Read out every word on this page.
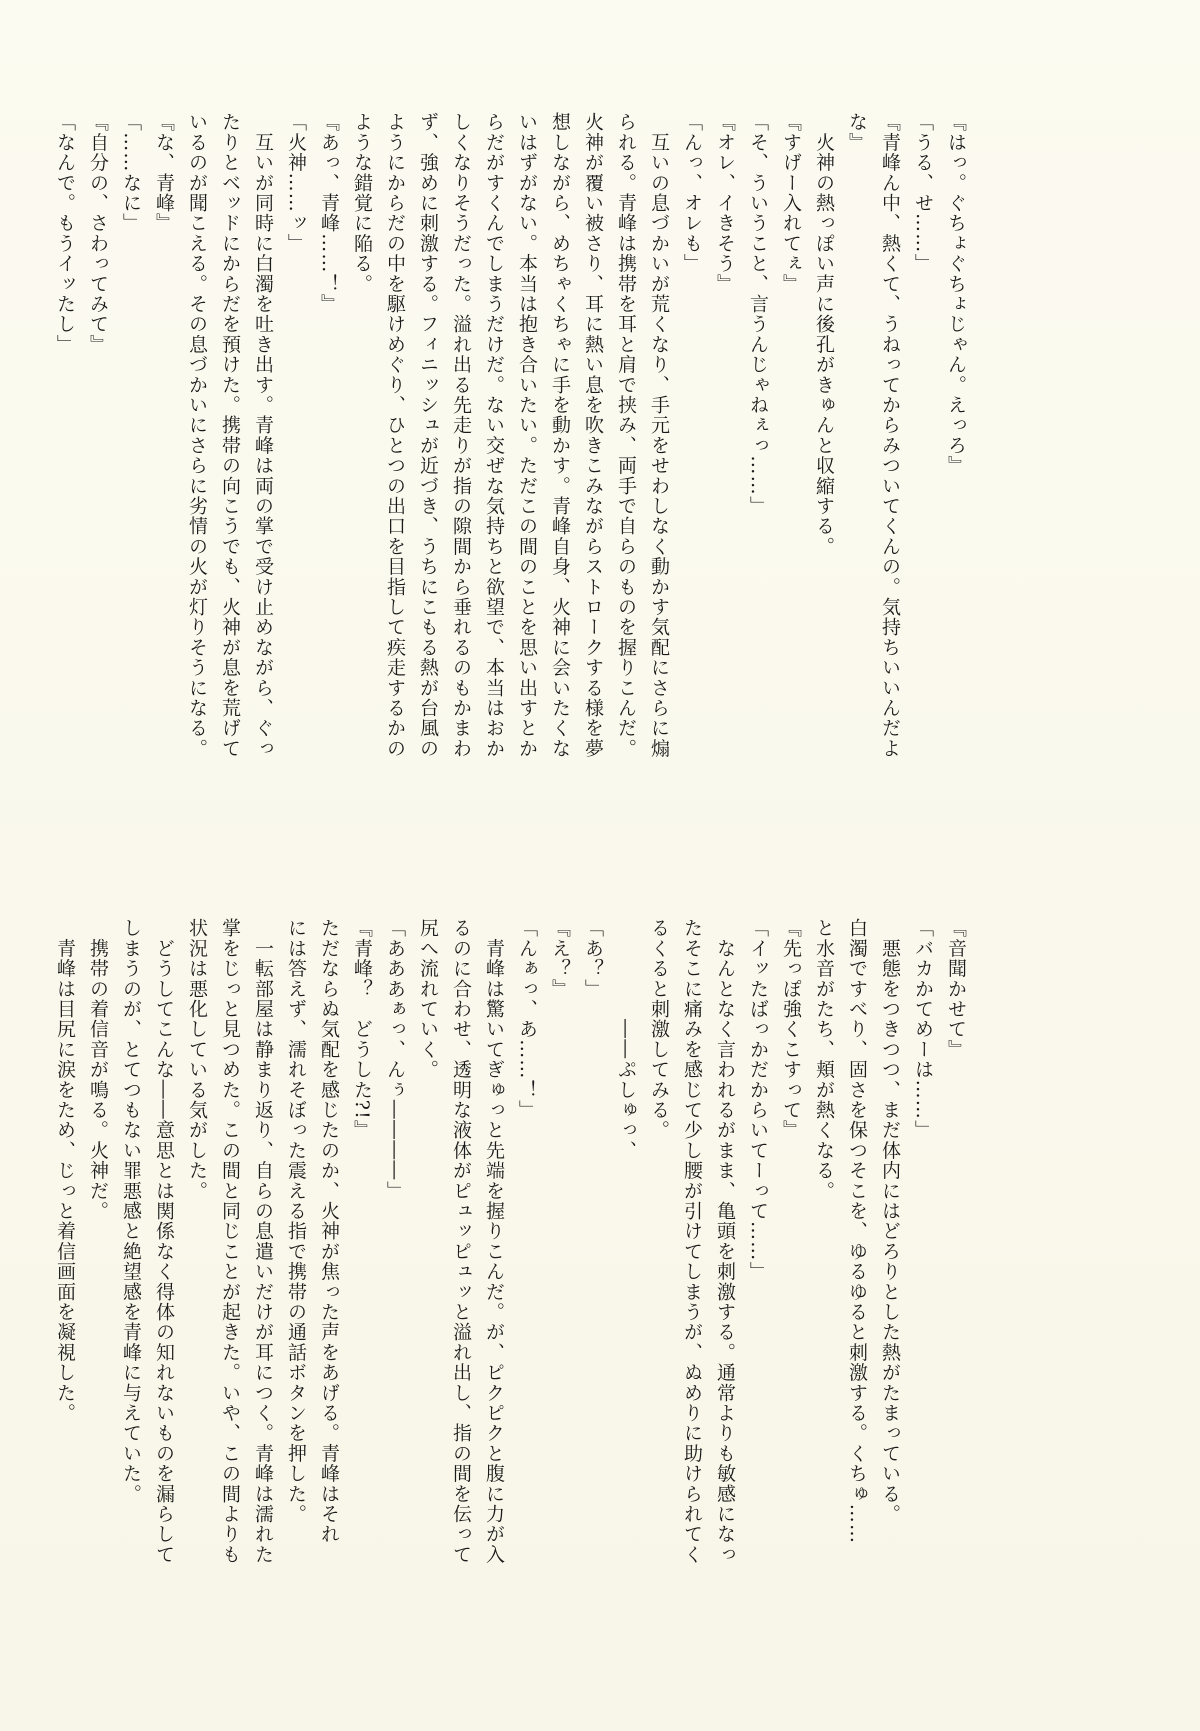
『はっ。ぐちょぐちょじゃん。えっろ』
「うる、せ……」
『青峰ん中、熱くて、うねってからみついてくんの。気持ちいいんだよ
な』
　火神の熱っぽい声に後孔がきゅんと収縮する。
『すげー入れてぇ』
「そ、ういうこと、言うんじゃねぇっ……」
『オレ、イきそう』
「んっ、オレも」
　互いの息づかいが荒くなり、手元をせわしなく動かす気配にさらに煽
られる。青峰は携帯を耳と肩で挟み、両手で自らのものを握りこんだ。
火神が覆い被さり、耳に熱い息を吹きこみながらストロークする様を夢
想しながら、めちゃくちゃに手を動かす。青峰自身、火神に会いたくな
いはずがない。本当は抱き合いたい。ただこの間のことを思い出すとか
らだがすくんでしまうだけだ。ない交ぜな気持ちと欲望で、本当はおか
しくなりそうだった。溢れ出る先走りが指の隙間から垂れるのもかまわ
ず、強めに刺激する。フィニッシュが近づき、うちにこもる熱が台風の
ようにからだの中を駆けめぐり、ひとつの出口を目指して疾走するかの
ような錯覚に陥る。
『あっ、青峰……！』
「火神……ッ」
　互いが同時に白濁を吐き出す。青峰は両の掌で受け止めながら、ぐっ
たりとベッドにからだを預けた。携帯の向こうでも、火神が息を荒げて
いるのが聞こえる。その息づかいにさらに劣情の火が灯りそうになる。
『な、青峰』
「……なに」
『自分の、さわってみて』
「なんで。もうイッたし」
『音聞かせて』
「バカかてめーは……」
　悪態をつきつつ、まだ体内にはどろりとした熱がたまっている。
白濁ですべり、固さを保つそこを、ゆるゆると刺激する。くちゅ……
と水音がたち、頬が熱くなる。
『先っぽ強くこすって』
「イッたばっかだからいてーって……」
　なんとなく言われるがまま、亀頭を刺激する。通常よりも敏感になっ
たそこに痛みを感じて少し腰が引けてしまうが、ぬめりに助けられてく
るくると刺激してみる。
　　　　　――ぷしゅっ、
「あ？」
『え？』
「んぁっ、あ……！」
　青峰は驚いてぎゅっと先端を握りこんだ。が、ピクピクと腹に力が入
るのに合わせ、透明な液体がピュッピュッと溢れ出し、指の間を伝って
尻へ流れていく。
「あああぁっ、んぅ――――」
『青峰？　どうした?!』
ただならぬ気配を感じたのか、火神が焦った声をあげる。青峰はそれ
には答えず、濡れそぼった震える指で携帯の通話ボタンを押した。
　一転部屋は静まり返り、自らの息遣いだけが耳につく。青峰は濡れた
掌をじっと見つめた。この間と同じことが起きた。いや、この間よりも
状況は悪化している気がした。
　どうしてこんな――意思とは関係なく得体の知れないものを漏らして
しまうのが、とてつもない罪悪感と絶望感を青峰に与えていた。
　携帯の着信音が鳴る。火神だ。
　青峰は目尻に涙をため、じっと着信画面を凝視した。
